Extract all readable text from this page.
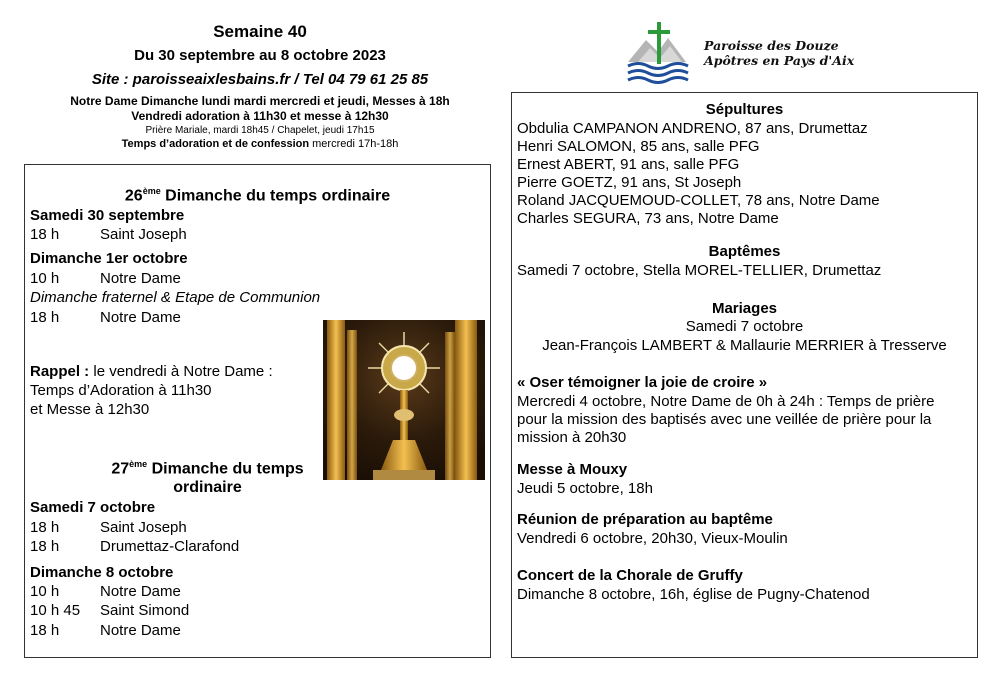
Semaine 40
Du 30 septembre au 8 octobre 2023
Site : paroisseaixlesbains.fr / Tel 04 79 61 25 85
Notre Dame Dimanche lundi mardi mercredi et jeudi, Messes à 18h
Vendredi adoration à 11h30 et messe à 12h30
Prière Mariale, mardi 18h45 / Chapelet, jeudi 17h15
Temps d’adoration et de confession mercredi 17h-18h
Paroisse des Douze
Apôtres en Pays d'Aix
26ème Dimanche du temps ordinaire
Samedi 30 septembre
18 h	Saint Joseph
Dimanche 1er octobre
10 h	Notre Dame
Dimanche fraternel & Etape de Communion
18 h	Notre Dame
Rappel : le vendredi à Notre Dame :
Temps d’Adoration à 11h30
et Messe à 12h30
27ème Dimanche du temps
ordinaire
Samedi 7 octobre
18 h	Saint Joseph
18 h	Drumettaz-Clarafond
Dimanche 8 octobre
10 h	Notre Dame
10 h 45	Saint Simond
18 h	Notre Dame
Sépultures
Obdulia CAMPANON ANDRENO, 87 ans, Drumettaz
Henri SALOMON, 85 ans, salle PFG
Ernest ABERT, 91 ans, salle PFG
Pierre GOETZ, 91 ans, St Joseph
Roland JACQUEMOUD-COLLET, 78 ans, Notre Dame
Charles SEGURA, 73 ans, Notre Dame
Baptêmes
Samedi 7 octobre, Stella MOREL-TELLIER, Drumettaz
Mariages
Samedi 7 octobre
Jean-François LAMBERT & Mallaurie MERRIER à Tresserve
« Oser témoigner la joie de croire »
Mercredi 4 octobre, Notre Dame de 0h à 24h : Temps de prière
pour la mission des baptisés avec une veillée de prière pour la
mission à 20h30
Messe à Mouxy
Jeudi 5 octobre, 18h
Réunion de préparation au baptême
Vendredi 6 octobre, 20h30, Vieux-Moulin
Concert de la Chorale de Gruffy
Dimanche 8 octobre, 16h, église de Pugny-Chatenod
